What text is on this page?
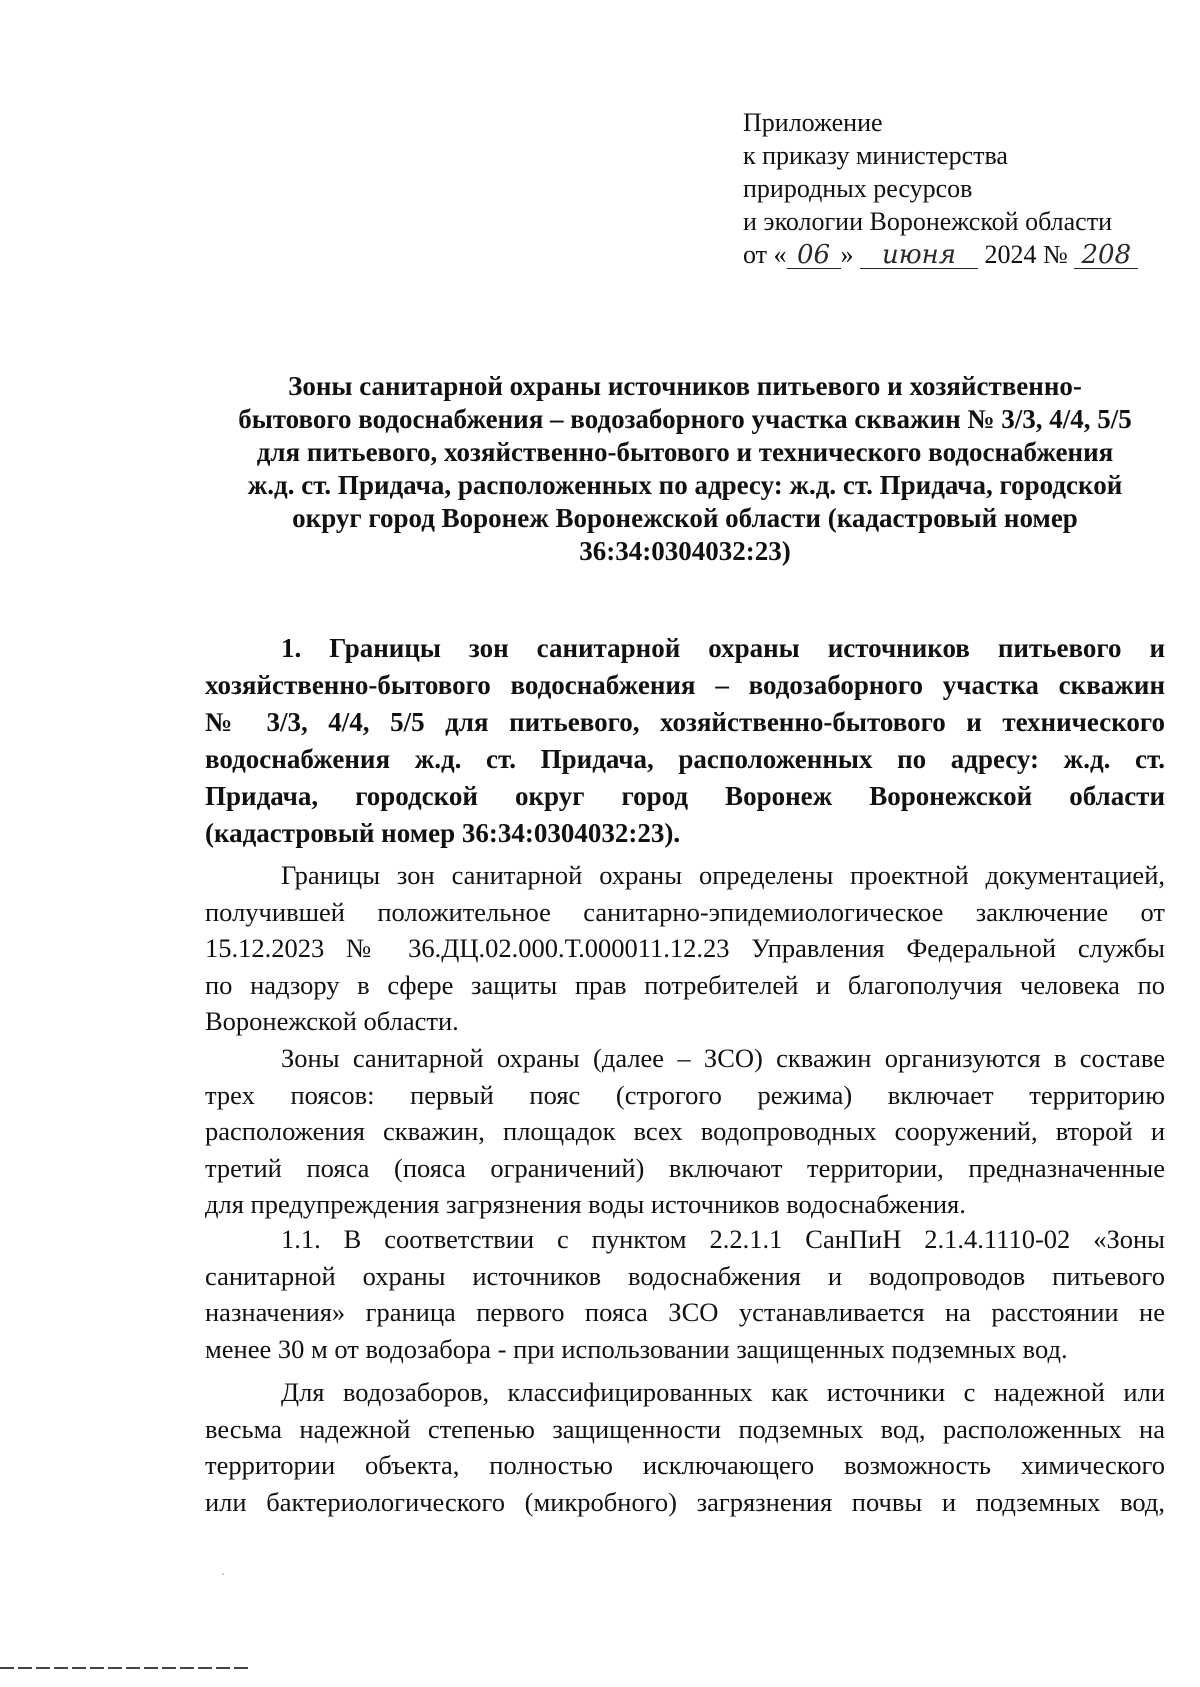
Приложение
к приказу министерства
природных ресурсов
и экологии Воронежской области
от « 06 » июня 2024 № 208
Зоны санитарной охраны источников питьевого и хозяйственно-
бытового водоснабжения – водозаборного участка скважин № 3/3, 4/4, 5/5
для питьевого, хозяйственно-бытового и технического водоснабжения
ж.д. ст. Придача, расположенных по адресу: ж.д. ст. Придача, городской
округ город Воронеж Воронежской области (кадастровый номер
36:34:0304032:23)
1. Границы зон санитарной охраны источников питьевого и
хозяйственно-бытового водоснабжения – водозаборного участка скважин
№ 3/3, 4/4, 5/5 для питьевого, хозяйственно-бытового и технического
водоснабжения ж.д. ст. Придача, расположенных по адресу: ж.д. ст.
Придача, городской округ город Воронеж Воронежской области
(кадастровый номер 36:34:0304032:23).
Границы зон санитарной охраны определены проектной документацией,
получившей положительное санитарно-эпидемиологическое заключение от
15.12.2023 № 36.ДЦ.02.000.Т.000011.12.23 Управления Федеральной службы
по надзору в сфере защиты прав потребителей и благополучия человека по
Воронежской области.
Зоны санитарной охраны (далее – ЗСО) скважин организуются в составе
трех поясов: первый пояс (строгого режима) включает территорию
расположения скважин, площадок всех водопроводных сооружений, второй и
третий пояса (пояса ограничений) включают территории, предназначенные
для предупреждения загрязнения воды источников водоснабжения.
1.1. В соответствии с пунктом 2.2.1.1 СанПиН 2.1.4.1110-02 «Зоны
санитарной охраны источников водоснабжения и водопроводов питьевого
назначения» граница первого пояса ЗСО устанавливается на расстоянии не
менее 30 м от водозабора - при использовании защищенных подземных вод.
Для водозаборов, классифицированных как источники с надежной или
весьма надежной степенью защищенности подземных вод, расположенных на
территории объекта, полностью исключающего возможность химического
или бактериологического (микробного) загрязнения почвы и подземных вод,
